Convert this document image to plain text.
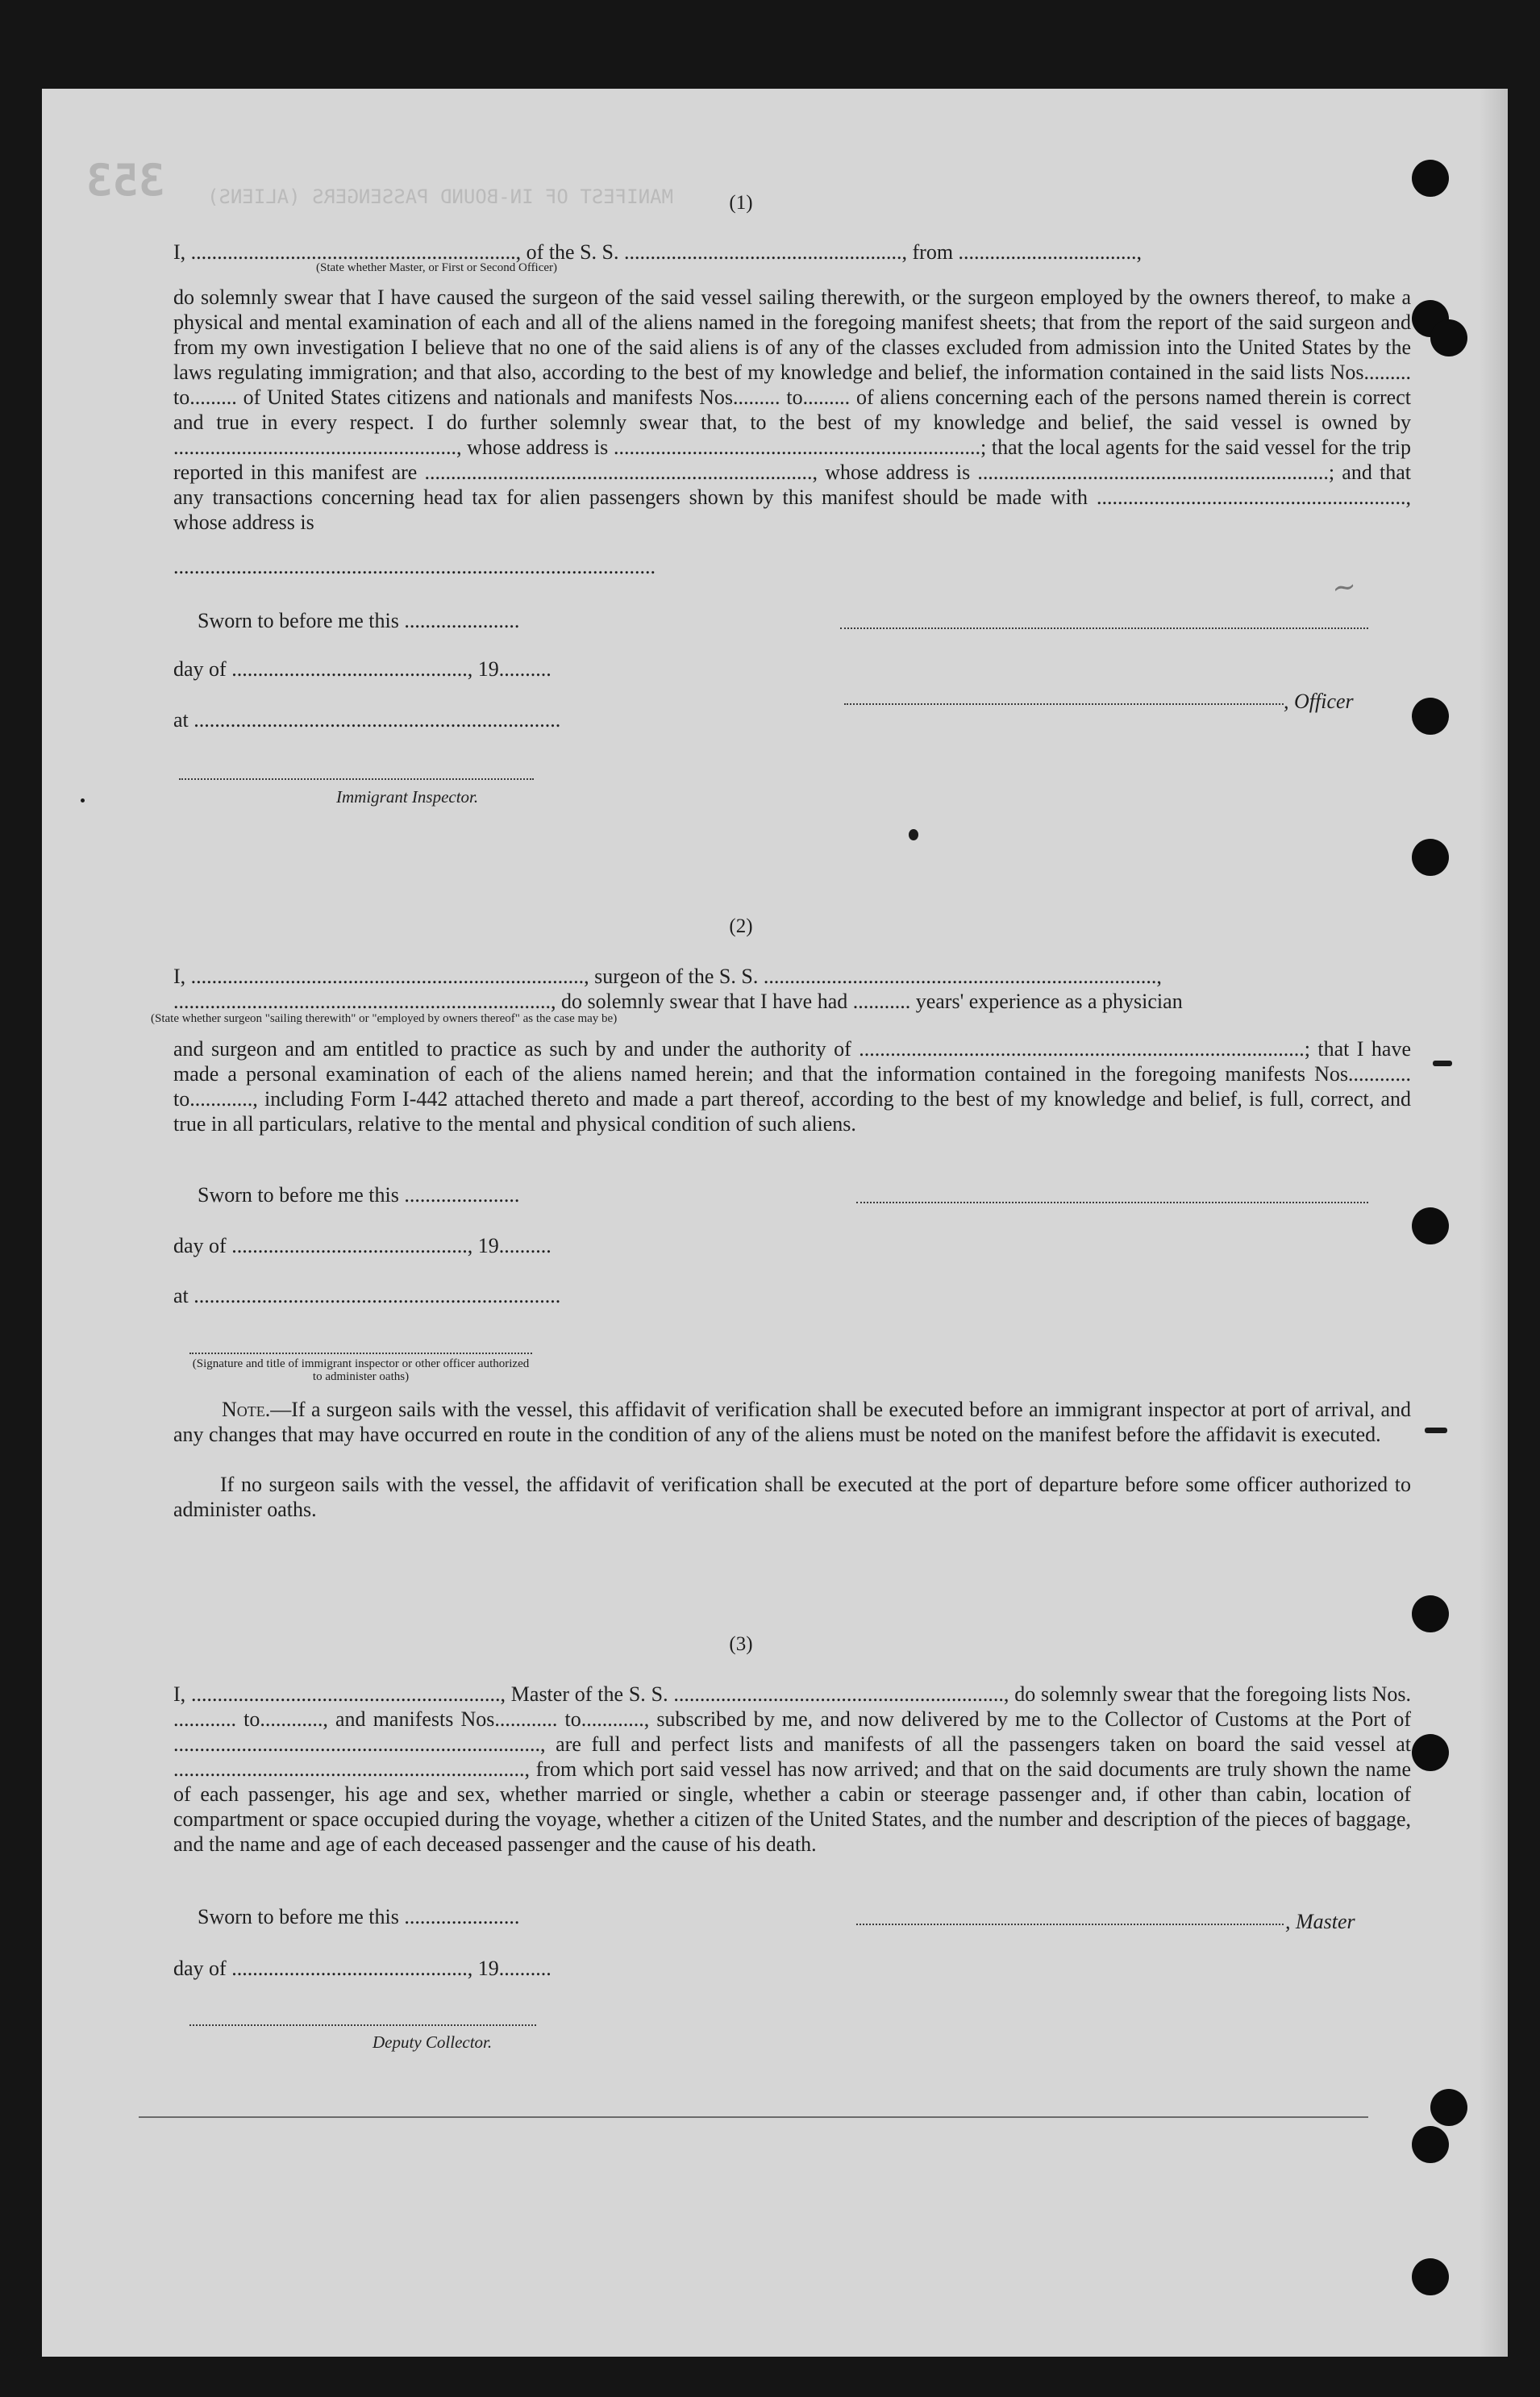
353 MANIFEST OF IN-BOUND PASSENGERS (ALIENS)
~
(1)
I, .............................................................., of the S. S. ....................................................., from ..................................,
(State whether Master, or First or Second Officer)
do solemnly swear that I have caused the surgeon of the said vessel sailing therewith, or the surgeon employed by the owners thereof, to make a physical and mental examination of each and all of the aliens named in the foregoing manifest sheets; that from the report of the said surgeon and from my own investigation I believe that no one of the said aliens is of any of the classes excluded from admission into the United States by the laws regulating immigration; and that also, according to the best of my knowledge and belief, the information contained in the said lists Nos......... to......... of United States citizens and nationals and manifests Nos......... to......... of aliens concerning each of the persons named therein is correct and true in every respect. I do further solemnly swear that, to the best of my knowledge and belief, the said vessel is owned by ......................................................, whose address is ......................................................................; that the local agents for the said vessel for the trip reported in this manifest are .........................................................................., whose address is ...................................................................; and that any transactions concerning head tax for alien passengers shown by this manifest should be made with ..........................................................., whose address is
............................................................................................
Sworn to before me this ......................
day of ............................................., 19..........
, Officer
at ......................................................................
Immigrant Inspector.
(2)
I, ..........................................................................., surgeon of the S. S. ...........................................................................,
........................................................................, do solemnly swear that I have had ........... years' experience as a physician
(State whether surgeon "sailing therewith" or "employed by owners thereof" as the case may be)
and surgeon and am entitled to practice as such by and under the authority of .....................................................................................; that I have made a personal examination of each of the aliens named herein; and that the information contained in the foregoing manifests Nos............ to............, including Form I-442 attached thereto and made a part thereof, according to the best of my knowledge and belief, is full, correct, and true in all particulars, relative to the mental and physical condition of such aliens.
Sworn to before me this ......................
day of ............................................., 19..........
at ......................................................................
(Signature and title of immigrant inspector or other officer authorized to administer oaths)
Note.—If a surgeon sails with the vessel, this affidavit of verification shall be executed before an immigrant inspector at port of arrival, and any changes that may have occurred en route in the condition of any of the aliens must be noted on the manifest before the affidavit is executed.
If no surgeon sails with the vessel, the affidavit of verification shall be executed at the port of departure before some officer authorized to administer oaths.
(3)
I, ..........................................................., Master of the S. S. ..............................................................., do solemnly swear that the foregoing lists Nos. ............ to............, and manifests Nos............ to............, subscribed by me, and now delivered by me to the Collector of Customs at the Port of ......................................................................, are full and perfect lists and manifests of all the passengers taken on board the said vessel at ..................................................................., from which port said vessel has now arrived; and that on the said documents are truly shown the name of each passenger, his age and sex, whether married or single, whether a cabin or steerage passenger and, if other than cabin, location of compartment or space occupied during the voyage, whether a citizen of the United States, and the number and description of the pieces of baggage, and the name and age of each deceased passenger and the cause of his death.
Sworn to before me this ......................	, Master
day of ............................................., 19..........
Deputy Collector.
